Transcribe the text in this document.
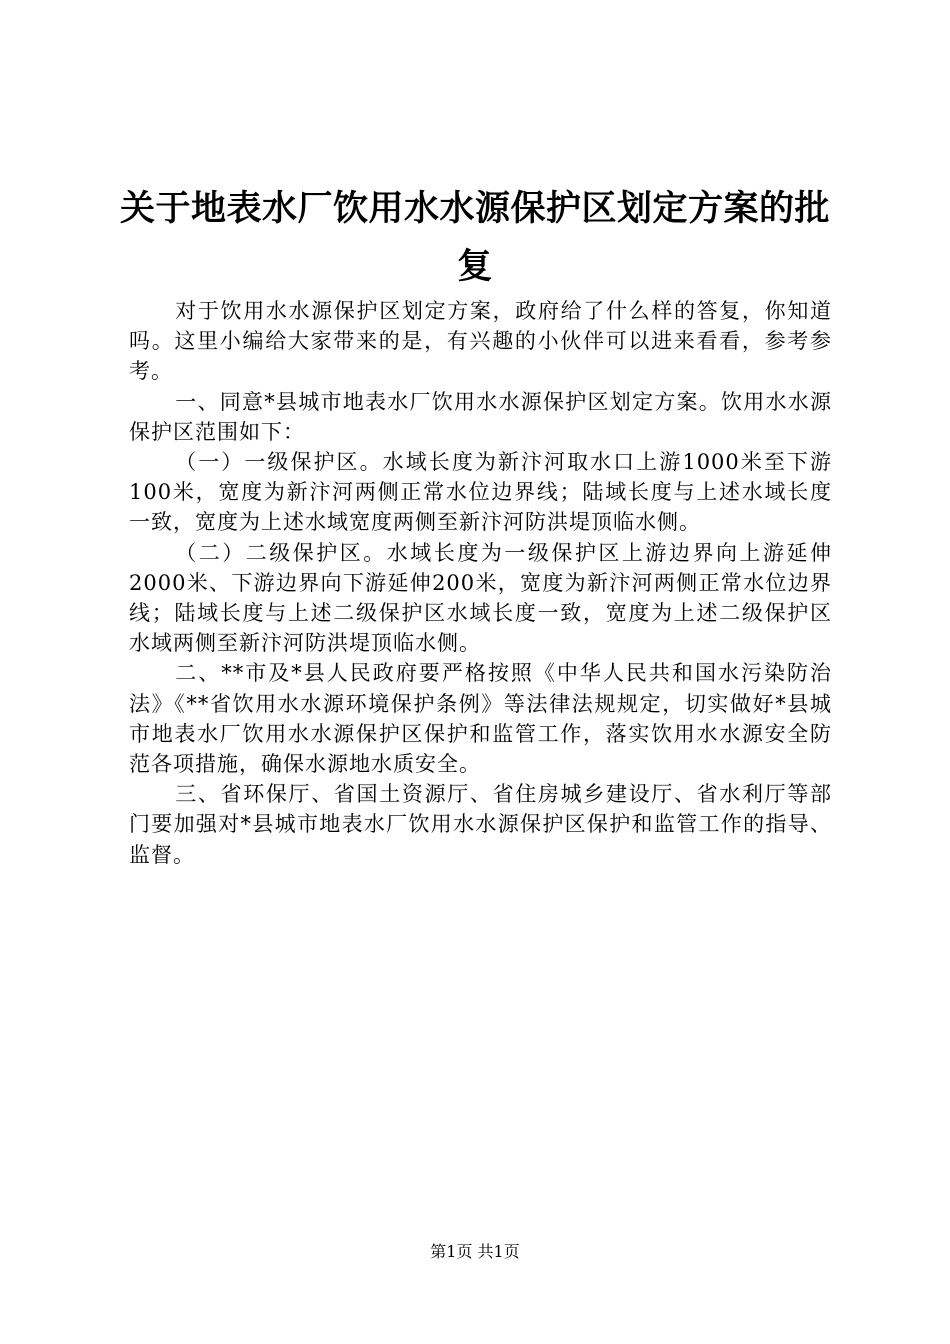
关于地表水厂饮用水水源保护区划定方案的批复

对于饮用水水源保护区划定方案，政府给了什么样的答复，你知道吗。这里小编给大家带来的是，有兴趣的小伙伴可以进来看看，参考参考。

一、同意*县城市地表水厂饮用水水源保护区划定方案。饮用水水源保护区范围如下：

（一）一级保护区。水域长度为新汴河取水口上游1000米至下游100米，宽度为新汴河两侧正常水位边界线；陆域长度与上述水域长度一致，宽度为上述水域宽度两侧至新汴河防洪堤顶临水侧。

（二）二级保护区。水域长度为一级保护区上游边界向上游延伸2000米、下游边界向下游延伸200米，宽度为新汴河两侧正常水位边界线；陆域长度与上述二级保护区水域长度一致，宽度为上述二级保护区水域两侧至新汴河防洪堤顶临水侧。

二、**市及*县人民政府要严格按照《中华人民共和国水污染防治法》《**省饮用水水源环境保护条例》等法律法规规定，切实做好*县城市地表水厂饮用水水源保护区保护和监管工作，落实饮用水水源安全防范各项措施，确保水源地水质安全。

三、省环保厅、省国土资源厅、省住房城乡建设厅、省水利厅等部门要加强对*县城市地表水厂饮用水水源保护区保护和监管工作的指导、监督。

第1页 共1页
